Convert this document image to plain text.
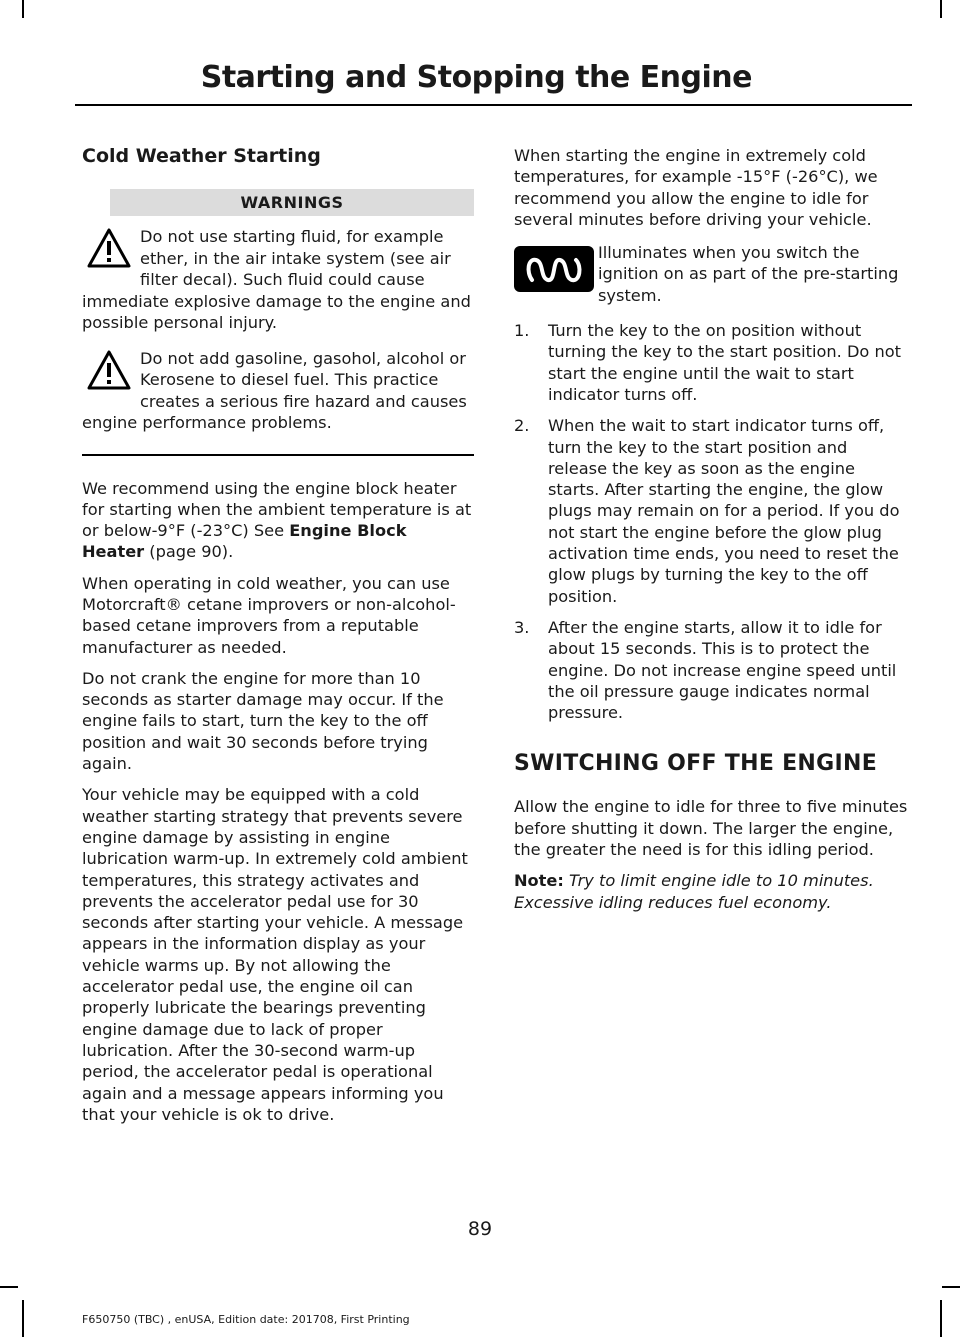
Starting and Stopping the Engine
Cold Weather Starting
WARNINGS
Do not use starting fluid, for example ether, in the air intake system (see air filter decal). Such fluid could cause immediate explosive damage to the engine and possible personal injury.
Do not add gasoline, gasohol, alcohol or Kerosene to diesel fuel. This practice creates a serious fire hazard and causes engine performance problems.

We recommend using the engine block heater for starting when the ambient temperature is at or below-9°F (-23°C) See Engine Block Heater (page 90).

When operating in cold weather, you can use Motorcraft® cetane improvers or non-alcohol-based cetane improvers from a reputable manufacturer as needed.

Do not crank the engine for more than 10 seconds as starter damage may occur. If the engine fails to start, turn the key to the off position and wait 30 seconds before trying again.

Your vehicle may be equipped with a cold weather starting strategy that prevents severe engine damage by assisting in engine lubrication warm-up. In extremely cold ambient temperatures, this strategy activates and prevents the accelerator pedal use for 30 seconds after starting your vehicle. A message appears in the information display as your vehicle warms up. By not allowing the accelerator pedal use, the engine oil can properly lubricate the bearings preventing engine damage due to lack of proper lubrication. After the 30-second warm-up period, the accelerator pedal is operational again and a message appears informing you that your vehicle is ok to drive.

When starting the engine in extremely cold temperatures, for example -15°F (-26°C), we recommend you allow the engine to idle for several minutes before driving your vehicle.

Illuminates when you switch the ignition on as part of the pre-starting system.
1.	Turn the key to the on position without turning the key to the start position. Do not start the engine until the wait to start indicator turns off.
2.	When the wait to start indicator turns off, turn the key to the start position and release the key as soon as the engine starts. After starting the engine, the glow plugs may remain on for a period. If you do not start the engine before the glow plug activation time ends, you need to reset the glow plugs by turning the key to the off position.
3.	After the engine starts, allow it to idle for about 15 seconds. This is to protect the engine. Do not increase engine speed until the oil pressure gauge indicates normal pressure.
SWITCHING OFF THE ENGINE

Allow the engine to idle for three to five minutes before shutting it down. The larger the engine, the greater the need is for this idling period.

Note: Try to limit engine idle to 10 minutes. Excessive idling reduces fuel economy.

89
F650750 (TBC) , enUSA, Edition date: 201708, First Printing
